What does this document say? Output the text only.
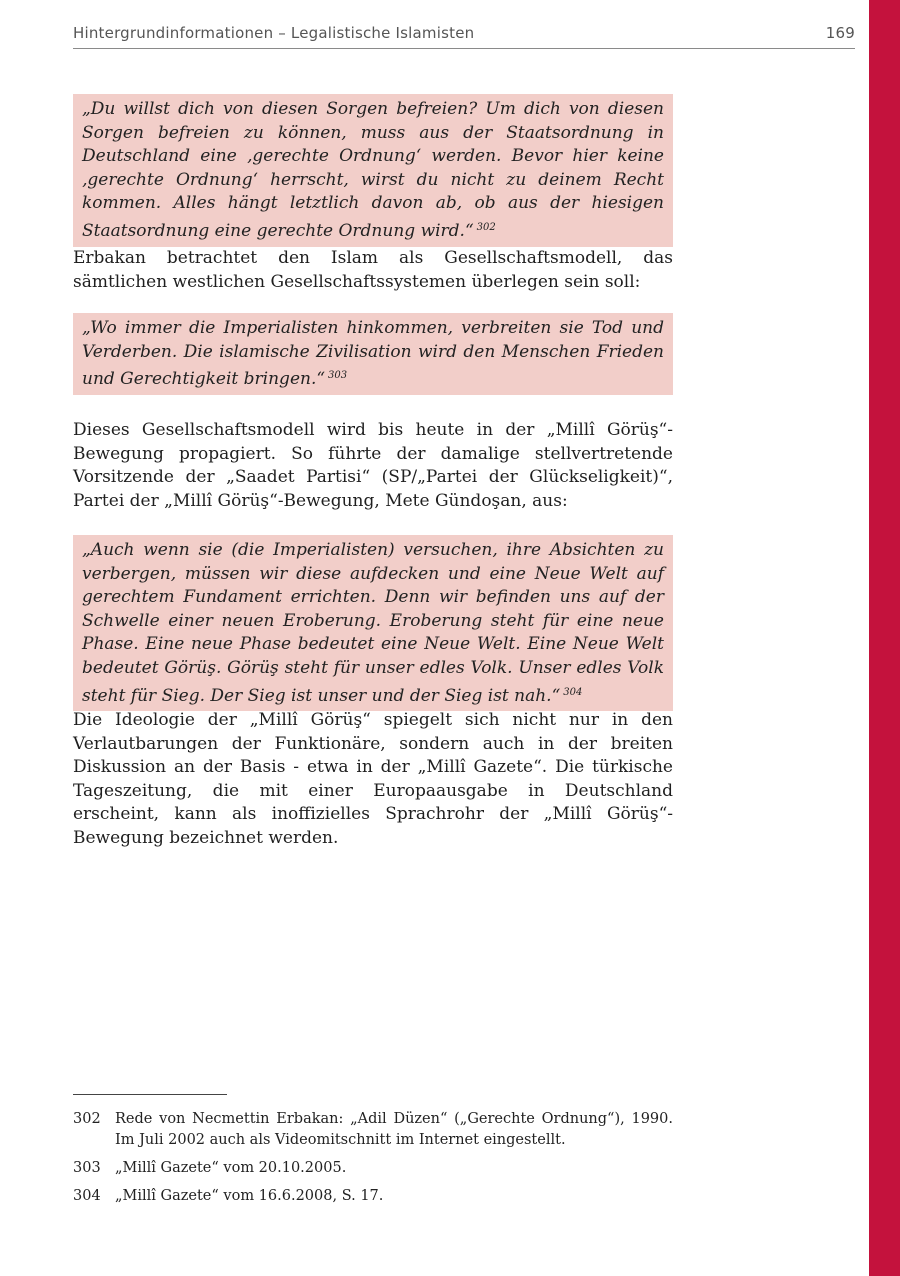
Hintergrundinformationen – Legalistische Islamisten	169
„Du willst dich von diesen Sorgen befreien? Um dich von diesen Sorgen befreien zu können, muss aus der Staatsordnung in Deutschland eine ‚gerechte Ordnung‘ werden. Bevor hier keine ‚gerechte Ordnung‘ herrscht, wirst du nicht zu deinem Recht kommen. Alles hängt letztlich davon ab, ob aus der hiesigen Staatsordnung eine gerechte Ordnung wird.“ $^{302}$
Erbakan betrachtet den Islam als Gesellschaftsmodell, das sämtlichen westlichen Gesellschaftssystemen überlegen sein soll:
„Wo immer die Imperialisten hinkommen, verbreiten sie Tod und Verderben. Die islamische Zivilisation wird den Menschen Frieden und Gerechtigkeit bringen.“ $^{303}$
Dieses Gesellschaftsmodell wird bis heute in der „Millî Görüş“-Bewegung propagiert. So führte der damalige stellvertretende Vorsitzende der „Saadet Partisi“ (SP/„Partei der Glückseligkeit)“, Partei der „Millî Görüş“-Bewegung, Mete Gündoşan, aus:
„Auch wenn sie (die Imperialisten) versuchen, ihre Absichten zu verbergen, müssen wir diese aufdecken und eine Neue Welt auf gerechtem Fundament errichten. Denn wir befinden uns auf der Schwelle einer neuen Eroberung. Eroberung steht für eine neue Phase. Eine neue Phase bedeutet eine Neue Welt. Eine Neue Welt bedeutet Görüş. Görüş steht für unser edles Volk. Unser edles Volk steht für Sieg. Der Sieg ist unser und der Sieg ist nah.“ $^{304}$
Die Ideologie der „Millî Görüş“ spiegelt sich nicht nur in den Verlautbarungen der Funktionäre, sondern auch in der breiten Diskussion an der Basis - etwa in der „Millî Gazete“. Die türkische Tageszeitung, die mit einer Europaausgabe in Deutschland erscheint, kann als inoffizielles Sprachrohr der „Millî Görüş“-Bewegung bezeichnet werden.
302 Rede von Necmettin Erbakan: „Adil Düzen“ („Gerechte Ordnung“), 1990. Im Juli 2002 auch als Videomitschnitt im Internet eingestellt.
303 „Millî Gazete“ vom 20.10.2005.
304 „Millî Gazete“ vom 16.6.2008, S. 17.
